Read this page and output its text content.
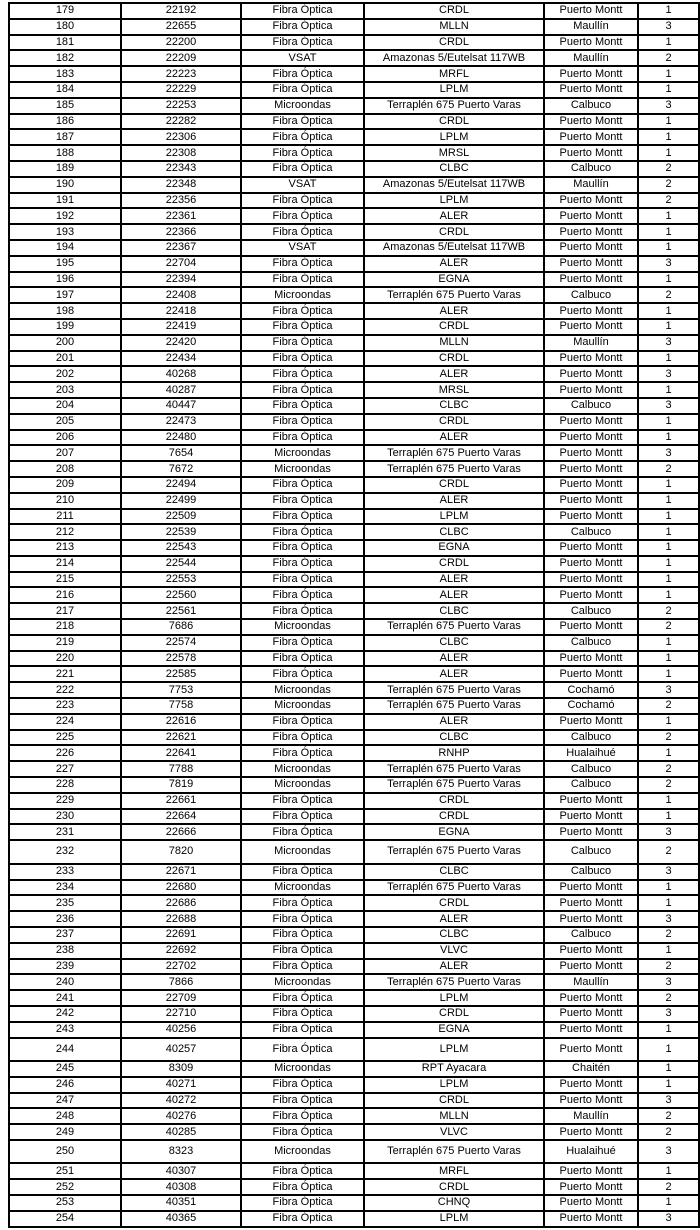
179	22192	Fibra Óptica	CRDL	Puerto Montt	1
180	22655	Fibra Óptica	MLLN	Maullín	3
181	22200	Fibra Óptica	CRDL	Puerto Montt	1
182	22209	VSAT	Amazonas 5/Eutelsat 117WB	Maullín	2
183	22223	Fibra Óptica	MRFL	Puerto Montt	1
184	22229	Fibra Óptica	LPLM	Puerto Montt	1
185	22253	Microondas	Terraplén 675 Puerto Varas	Calbuco	3
186	22282	Fibra Óptica	CRDL	Puerto Montt	1
187	22306	Fibra Óptica	LPLM	Puerto Montt	1
188	22308	Fibra Óptica	MRSL	Puerto Montt	1
189	22343	Fibra Óptica	CLBC	Calbuco	2
190	22348	VSAT	Amazonas 5/Eutelsat 117WB	Maullín	2
191	22356	Fibra Óptica	LPLM	Puerto Montt	2
192	22361	Fibra Óptica	ALER	Puerto Montt	1
193	22366	Fibra Óptica	CRDL	Puerto Montt	1
194	22367	VSAT	Amazonas 5/Eutelsat 117WB	Puerto Montt	1
195	22704	Fibra Óptica	ALER	Puerto Montt	3
196	22394	Fibra Óptica	EGNA	Puerto Montt	1
197	22408	Microondas	Terraplén 675 Puerto Varas	Calbuco	2
198	22418	Fibra Óptica	ALER	Puerto Montt	1
199	22419	Fibra Óptica	CRDL	Puerto Montt	1
200	22420	Fibra Óptica	MLLN	Maullín	3
201	22434	Fibra Óptica	CRDL	Puerto Montt	1
202	40268	Fibra Óptica	ALER	Puerto Montt	3
203	40287	Fibra Óptica	MRSL	Puerto Montt	1
204	40447	Fibra Óptica	CLBC	Calbuco	3
205	22473	Fibra Óptica	CRDL	Puerto Montt	1
206	22480	Fibra Óptica	ALER	Puerto Montt	1
207	7654	Microondas	Terraplén 675 Puerto Varas	Puerto Montt	3
208	7672	Microondas	Terraplén 675 Puerto Varas	Puerto Montt	2
209	22494	Fibra Óptica	CRDL	Puerto Montt	1
210	22499	Fibra Óptica	ALER	Puerto Montt	1
211	22509	Fibra Óptica	LPLM	Puerto Montt	1
212	22539	Fibra Óptica	CLBC	Calbuco	1
213	22543	Fibra Óptica	EGNA	Puerto Montt	1
214	22544	Fibra Óptica	CRDL	Puerto Montt	1
215	22553	Fibra Óptica	ALER	Puerto Montt	1
216	22560	Fibra Óptica	ALER	Puerto Montt	1
217	22561	Fibra Óptica	CLBC	Calbuco	2
218	7686	Microondas	Terraplén 675 Puerto Varas	Puerto Montt	2
219	22574	Fibra Óptica	CLBC	Calbuco	1
220	22578	Fibra Óptica	ALER	Puerto Montt	1
221	22585	Fibra Óptica	ALER	Puerto Montt	1
222	7753	Microondas	Terraplén 675 Puerto Varas	Cochamó	3
223	7758	Microondas	Terraplén 675 Puerto Varas	Cochamó	2
224	22616	Fibra Óptica	ALER	Puerto Montt	1
225	22621	Fibra Óptica	CLBC	Calbuco	2
226	22641	Fibra Óptica	RNHP	Hualaihué	1
227	7788	Microondas	Terraplén 675 Puerto Varas	Calbuco	2
228	7819	Microondas	Terraplén 675 Puerto Varas	Calbuco	2
229	22661	Fibra Óptica	CRDL	Puerto Montt	1
230	22664	Fibra Óptica	CRDL	Puerto Montt	1
231	22666	Fibra Óptica	EGNA	Puerto Montt	3
232	7820	Microondas	Terraplén 675 Puerto Varas	Calbuco	2
233	22671	Fibra Óptica	CLBC	Calbuco	3
234	22680	Microondas	Terraplén 675 Puerto Varas	Puerto Montt	1
235	22686	Fibra Óptica	CRDL	Puerto Montt	1
236	22688	Fibra Óptica	ALER	Puerto Montt	3
237	22691	Fibra Óptica	CLBC	Calbuco	2
238	22692	Fibra Óptica	VLVC	Puerto Montt	1
239	22702	Fibra Óptica	ALER	Puerto Montt	2
240	7866	Microondas	Terraplén 675 Puerto Varas	Maullín	3
241	22709	Fibra Óptica	LPLM	Puerto Montt	2
242	22710	Fibra Óptica	CRDL	Puerto Montt	3
243	40256	Fibra Óptica	EGNA	Puerto Montt	1
244	40257	Fibra Óptica	LPLM	Puerto Montt	1
245	8309	Microondas	RPT Ayacara	Chaitén	1
246	40271	Fibra Óptica	LPLM	Puerto Montt	1
247	40272	Fibra Óptica	CRDL	Puerto Montt	3
248	40276	Fibra Óptica	MLLN	Maullín	2
249	40285	Fibra Óptica	VLVC	Puerto Montt	2
250	8323	Microondas	Terraplén 675 Puerto Varas	Hualaihué	3
251	40307	Fibra Óptica	MRFL	Puerto Montt	1
252	40308	Fibra Óptica	CRDL	Puerto Montt	2
253	40351	Fibra Óptica	CHNQ	Puerto Montt	1
254	40365	Fibra Óptica	LPLM	Puerto Montt	3
